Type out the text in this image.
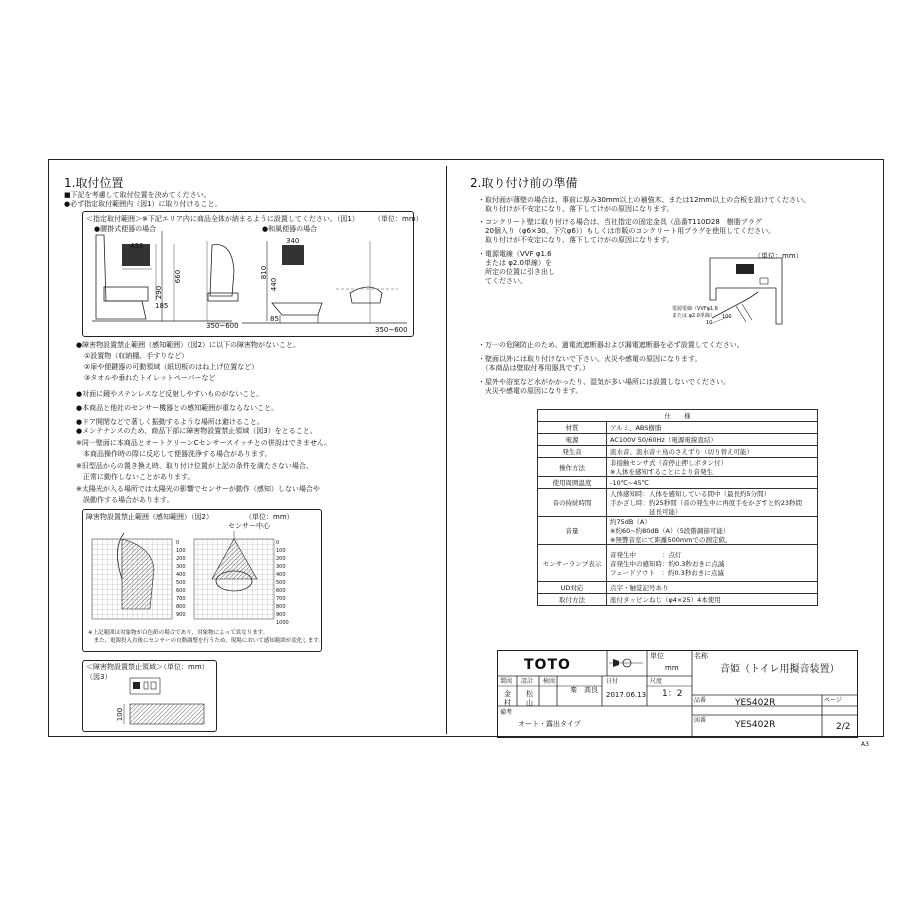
1.取付位置
■下記を考慮して取付位置を決めてください。
●必ず指定取付範囲内（図1）に取り付けること。
＜指定取付範囲＞※下記エリア内に商品全体が納まるように設置してください。（図1） （単位：mm）
●腰掛式便器の場合	●和風便器の場合
433
660
290
185
350~600
340
810
440
85
350~600
●障害物設置禁止範囲（感知範囲）（図2）に以下の障害物がないこと。
①設置物（収納棚、手すりなど）
②扉や便鍵器の可動領域（紙切板のはね上げ位置など）
③タオルや垂れたトイレットペーパーなど
●対面に鏡やステンレスなど反射しやすいものがないこと。
●本商品と他社のセンサー機器との感知範囲が重ならないこと。
●ドア開閉などで著しく振動するような場所は避けること。
●メンテナンスのため、商品下部に障害物設置禁止領域（図3）をとること。
※同一壁面に本商品とオートクリーンCセンサースイッチとの併設はできません。
　本商品操作時の際に反応して便器洗浄する場合があります。
※旧型品からの置き換え時、取り付け位置が上記の条件を満たさない場合、
　正常に動作しないことがあります。
※太陽光が入る場所では太陽光の影響でセンサーが動作（感知）しない場合や
　誤動作する場合があります。
障害物設置禁止範囲（感知範囲）（図2）	（単位：mm）
センサー中心
0
100
200
300
400
500
600
700
800
900
0
100
200
300
400
500
600
700
800
900
1000
※上記範囲は対象物が白色紙の場合であり、対象物によって異なります。
　また、電源投入直後にセンサーの自動調整を行うため、現場において感知範囲が変化します。
＜障害物設置禁止領域＞
（単位：mm）
（図3）
100
2.取り付け前の準備
・取付面が薄壁の場合は、事前に厚み30mm以上の補強木、または12mm以上の合板を設けてください。
　取り付けが不安定になり、落下してけがの原因になります。
・コンクリート壁に取り付ける場合は、当社指定の固定金具（品番T110D28　樹脂プラグ
　20個入り（φ6×30、下穴φ6））もしくは市販のコンクリート用プラグを使用してください。
　取り付けが不安定になり、落下してけがの原因になります。
・電源電線（VVF φ1.6
　または φ2.0単線）を
　所定の位置に引き出し
　てください。
（単位：mm）
電源電線（VVFφ1.6
または φ2.0単線）
10
100
・万一の危険防止のため、過電流遮断器および漏電遮断器を必ず設置してください。
・壁面以外には取り付けないで下さい。火災や感電の原因になります。
　（本商品は壁取付専用器具です。）
・屋外や浴室など水がかかったり、湿気が多い場所には設置しないでください。
　火災や感電の原因になります。
仕　　様	
材質	アルミ、ABS樹脂
電源	AC100V 50/60Hz（電源電線直結）
発生音	流水音、流水音＋鳥のさえずり（切り替え可能）
操作方法	非接触センサ式（音停止押しボタン付）
※人体を感知することにより音発生

使用周囲温度	-10℃~45℃
音の持続時間	人体感知時：人体を感知している間中（最長約5分間）
手かざし時：約25秒間（音の発生中に再度手をかざすと約23秒間
　　　　　　延長可能）

音量	約75dB（A）
※約60~約80dB（A）（5段階調節可能）
※無響音室にて距離500mmでの測定値。

センサーランプ表示	音発生中　　　　：点灯
音発生中の感知時：約0.3秒おきに点滅
フェードアウト　：約0.3秒おきに点滅

UD対応	点字・触覚記号あり
取付方法	座付タッピンねじ（φ4×25）4本使用
TOTO
単位
mm
名称
音姫（トイレ用擬音装置）
製図 設計 検図
金村
松山
秦　高良
日付
2017.06.13
尺度
1：2
品番	YES402R	ページ
備考
オート・露出タイプ	図番	YES402R	2/2
A3
